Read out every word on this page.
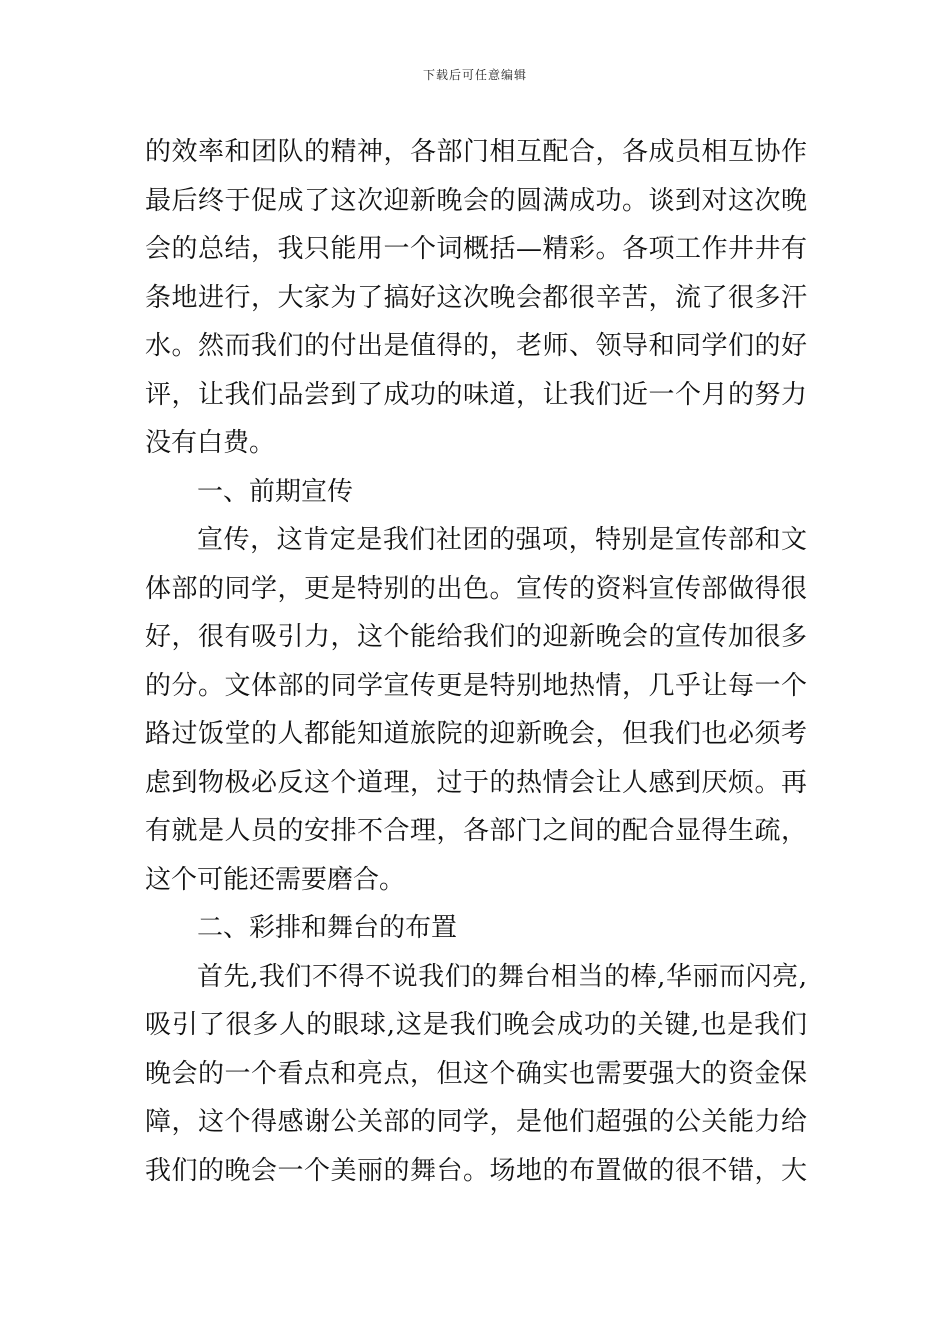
下载后可任意编辑
的效率和团队的精神，各部门相互配合，各成员相互协作
最后终于促成了这次迎新晚会的圆满成功。谈到对这次晚
会的总结，我只能用一个词概括—精彩。各项工作井井有
条地进行，大家为了搞好这次晚会都很辛苦，流了很多汗
水。然而我们的付出是值得的，老师、领导和同学们的好
评，让我们品尝到了成功的味道，让我们近一个月的努力
没有白费。
一、前期宣传
宣传，这肯定是我们社团的强项，特别是宣传部和文
体部的同学，更是特别的出色。宣传的资料宣传部做得很
好，很有吸引力，这个能给我们的迎新晚会的宣传加很多
的分。文体部的同学宣传更是特别地热情，几乎让每一个
路过饭堂的人都能知道旅院的迎新晚会，但我们也必须考
虑到物极必反这个道理，过于的热情会让人感到厌烦。再
有就是人员的安排不合理，各部门之间的配合显得生疏，
这个可能还需要磨合。
二、彩排和舞台的布置
首先,我们不得不说我们的舞台相当的棒,华丽而闪亮,
吸引了很多人的眼球,这是我们晚会成功的关键,也是我们
晚会的一个看点和亮点，但这个确实也需要强大的资金保
障，这个得感谢公关部的同学，是他们超强的公关能力给
我们的晚会一个美丽的舞台。场地的布置做的很不错，大
